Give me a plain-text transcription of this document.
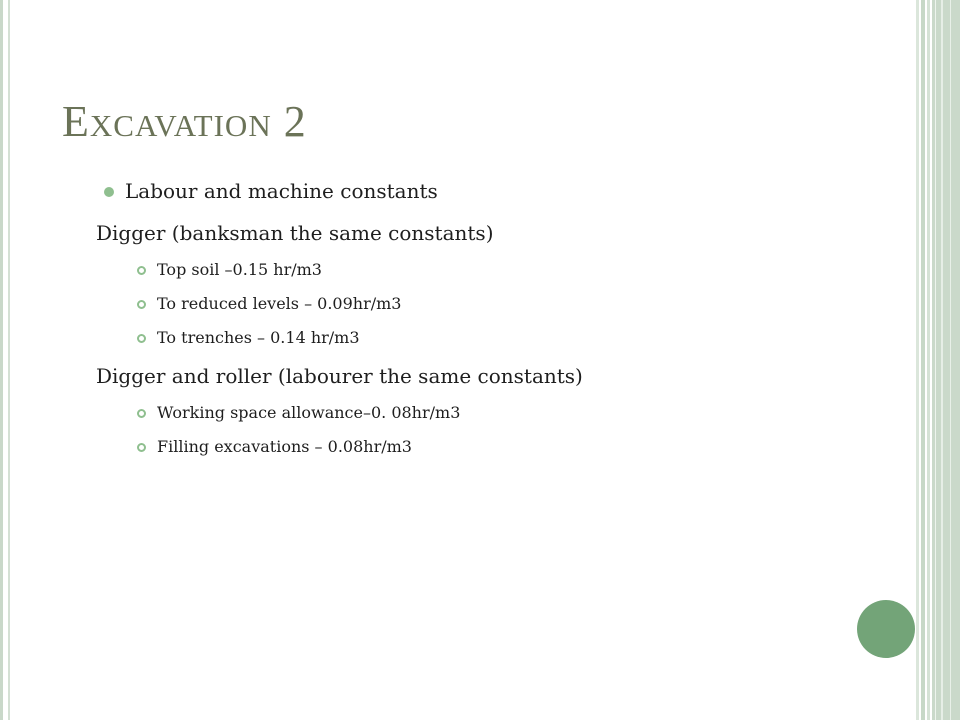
Excavation 2
Labour and machine constants
Digger (banksman the same constants)
Top soil –0.15 hr/m3
To reduced levels – 0.09hr/m3
To trenches – 0.14 hr/m3
Digger and roller (labourer the same constants)
Working space allowance–0. 08hr/m3
Filling excavations – 0.08hr/m3
